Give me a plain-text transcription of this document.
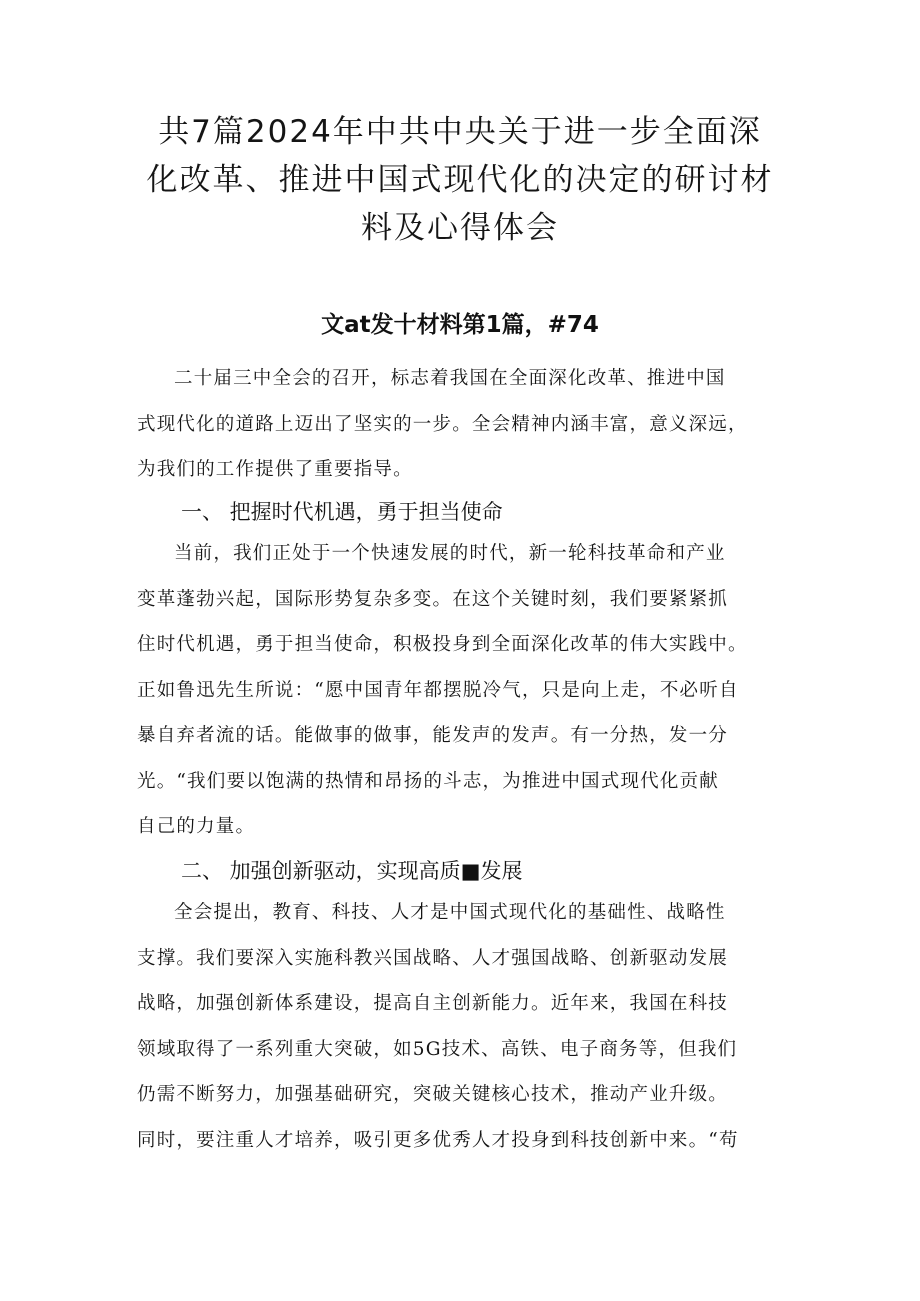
共7篇2024年中共中央关于进一步全面深
化改革、推进中国式现代化的决定的研讨材
料及心得体会
文at发十材料第1篇，#74

二十届三中全会的召开，标志着我国在全面深化改革、推进中国
式现代化的道路上迈出了坚实的一步。全会精神内涵丰富，意义深远，
为我们的工作提供了重要指导。

一、 把握时代机遇，勇于担当使命

当前，我们正处于一个快速发展的时代，新一轮科技革命和产业
变革蓬勃兴起，国际形势复杂多变。在这个关键时刻，我们要紧紧抓
住时代机遇，勇于担当使命，积极投身到全面深化改革的伟大实践中。
正如鲁迅先生所说：“愿中国青年都摆脱冷气，只是向上走，不必听自
暴自弃者流的话。能做事的做事，能发声的发声。有一分热，发一分
光。“我们要以饱满的热情和昂扬的斗志，为推进中国式现代化贡献
自己的力量。

二、 加强创新驱动，实现高质■发展

全会提出，教育、科技、人才是中国式现代化的基础性、战略性
支撑。我们要深入实施科教兴国战略、人才强国战略、创新驱动发展
战略，加强创新体系建设，提高自主创新能力。近年来，我国在科技
领域取得了一系列重大突破，如5G技术、高铁、电子商务等，但我们
仍需不断努力，加强基础研究，突破关键核心技术，推动产业升级。
同时，要注重人才培养，吸引更多优秀人才投身到科技创新中来。“苟
